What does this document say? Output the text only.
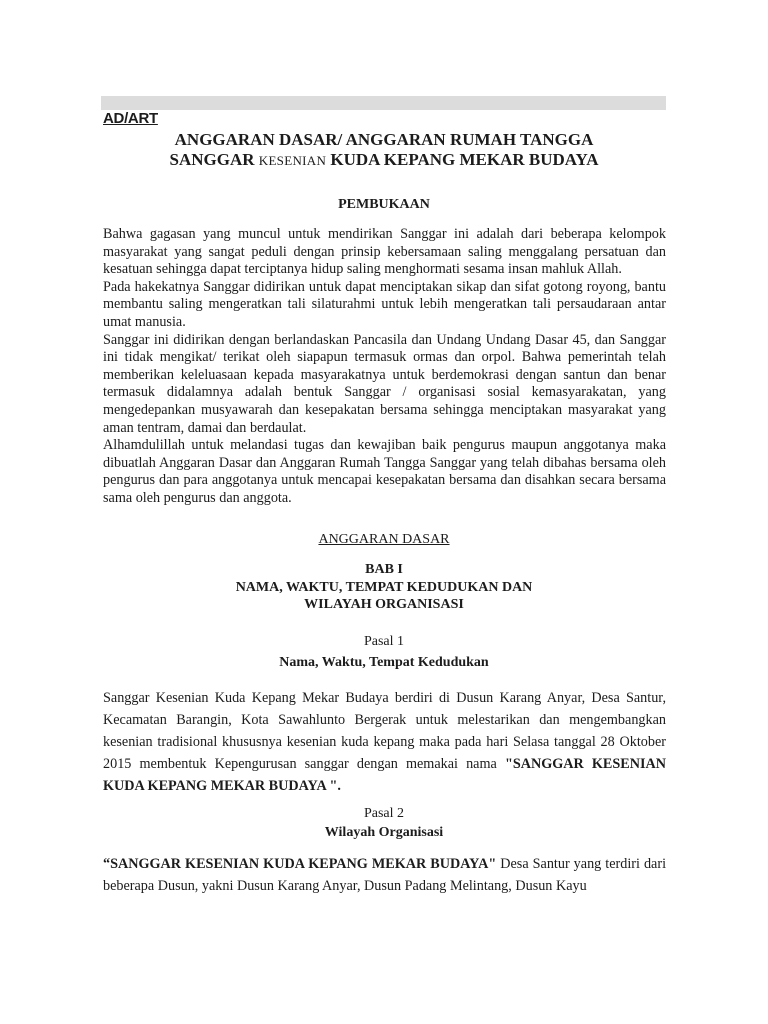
AD/ART
ANGGARAN DASAR/ ANGGARAN RUMAH TANGGA
SANGGAR KESENIAN KUDA KEPANG MEKAR BUDAYA
PEMBUKAAN

Bahwa gagasan yang muncul untuk mendirikan Sanggar ini adalah dari beberapa kelompok masyarakat yang sangat peduli dengan prinsip kebersamaan saling menggalang persatuan dan kesatuan sehingga dapat terciptanya hidup saling menghormati sesama insan mahluk Allah.

Pada hakekatnya Sanggar didirikan untuk dapat menciptakan sikap dan sifat gotong royong, bantu membantu saling mengeratkan tali silaturahmi untuk lebih mengeratkan tali persaudaraan antar umat manusia.

Sanggar ini didirikan dengan berlandaskan Pancasila dan Undang Undang Dasar 45, dan Sanggar ini tidak mengikat/ terikat oleh siapapun termasuk ormas dan orpol. Bahwa pemerintah telah memberikan keleluasaan kepada masyarakatnya untuk berdemokrasi dengan santun dan benar termasuk didalamnya adalah bentuk Sanggar / organisasi sosial kemasyarakatan, yang mengedepankan musyawarah dan kesepakatan bersama sehingga menciptakan masyarakat yang aman tentram, damai dan berdaulat.

Alhamdulillah untuk melandasi tugas dan kewajiban baik pengurus maupun anggotanya maka dibuatlah Anggaran Dasar dan Anggaran Rumah Tangga Sanggar yang telah dibahas bersama oleh pengurus dan para anggotanya untuk mencapai kesepakatan bersama dan disahkan secara bersama sama oleh pengurus dan anggota.

ANGGARAN DASAR
BAB I
NAMA, WAKTU, TEMPAT KEDUDUKAN DAN
WILAYAH ORGANISASI
Pasal 1
Nama, Waktu, Tempat Kedudukan

Sanggar Kesenian Kuda Kepang Mekar Budaya berdiri di Dusun Karang Anyar, Desa Santur, Kecamatan Barangin, Kota Sawahlunto Bergerak untuk melestarikan dan mengembangkan kesenian tradisional khususnya kesenian kuda kepang maka pada hari Selasa tanggal 28 Oktober 2015 membentuk Kepengurusan sanggar dengan memakai nama "SANGGAR KESENIAN KUDA KEPANG MEKAR BUDAYA ".

Pasal 2
Wilayah Organisasi

“SANGGAR KESENIAN KUDA KEPANG MEKAR BUDAYA" Desa Santur yang terdiri dari beberapa Dusun, yakni Dusun Karang Anyar, Dusun Padang Melintang, Dusun Kayu
